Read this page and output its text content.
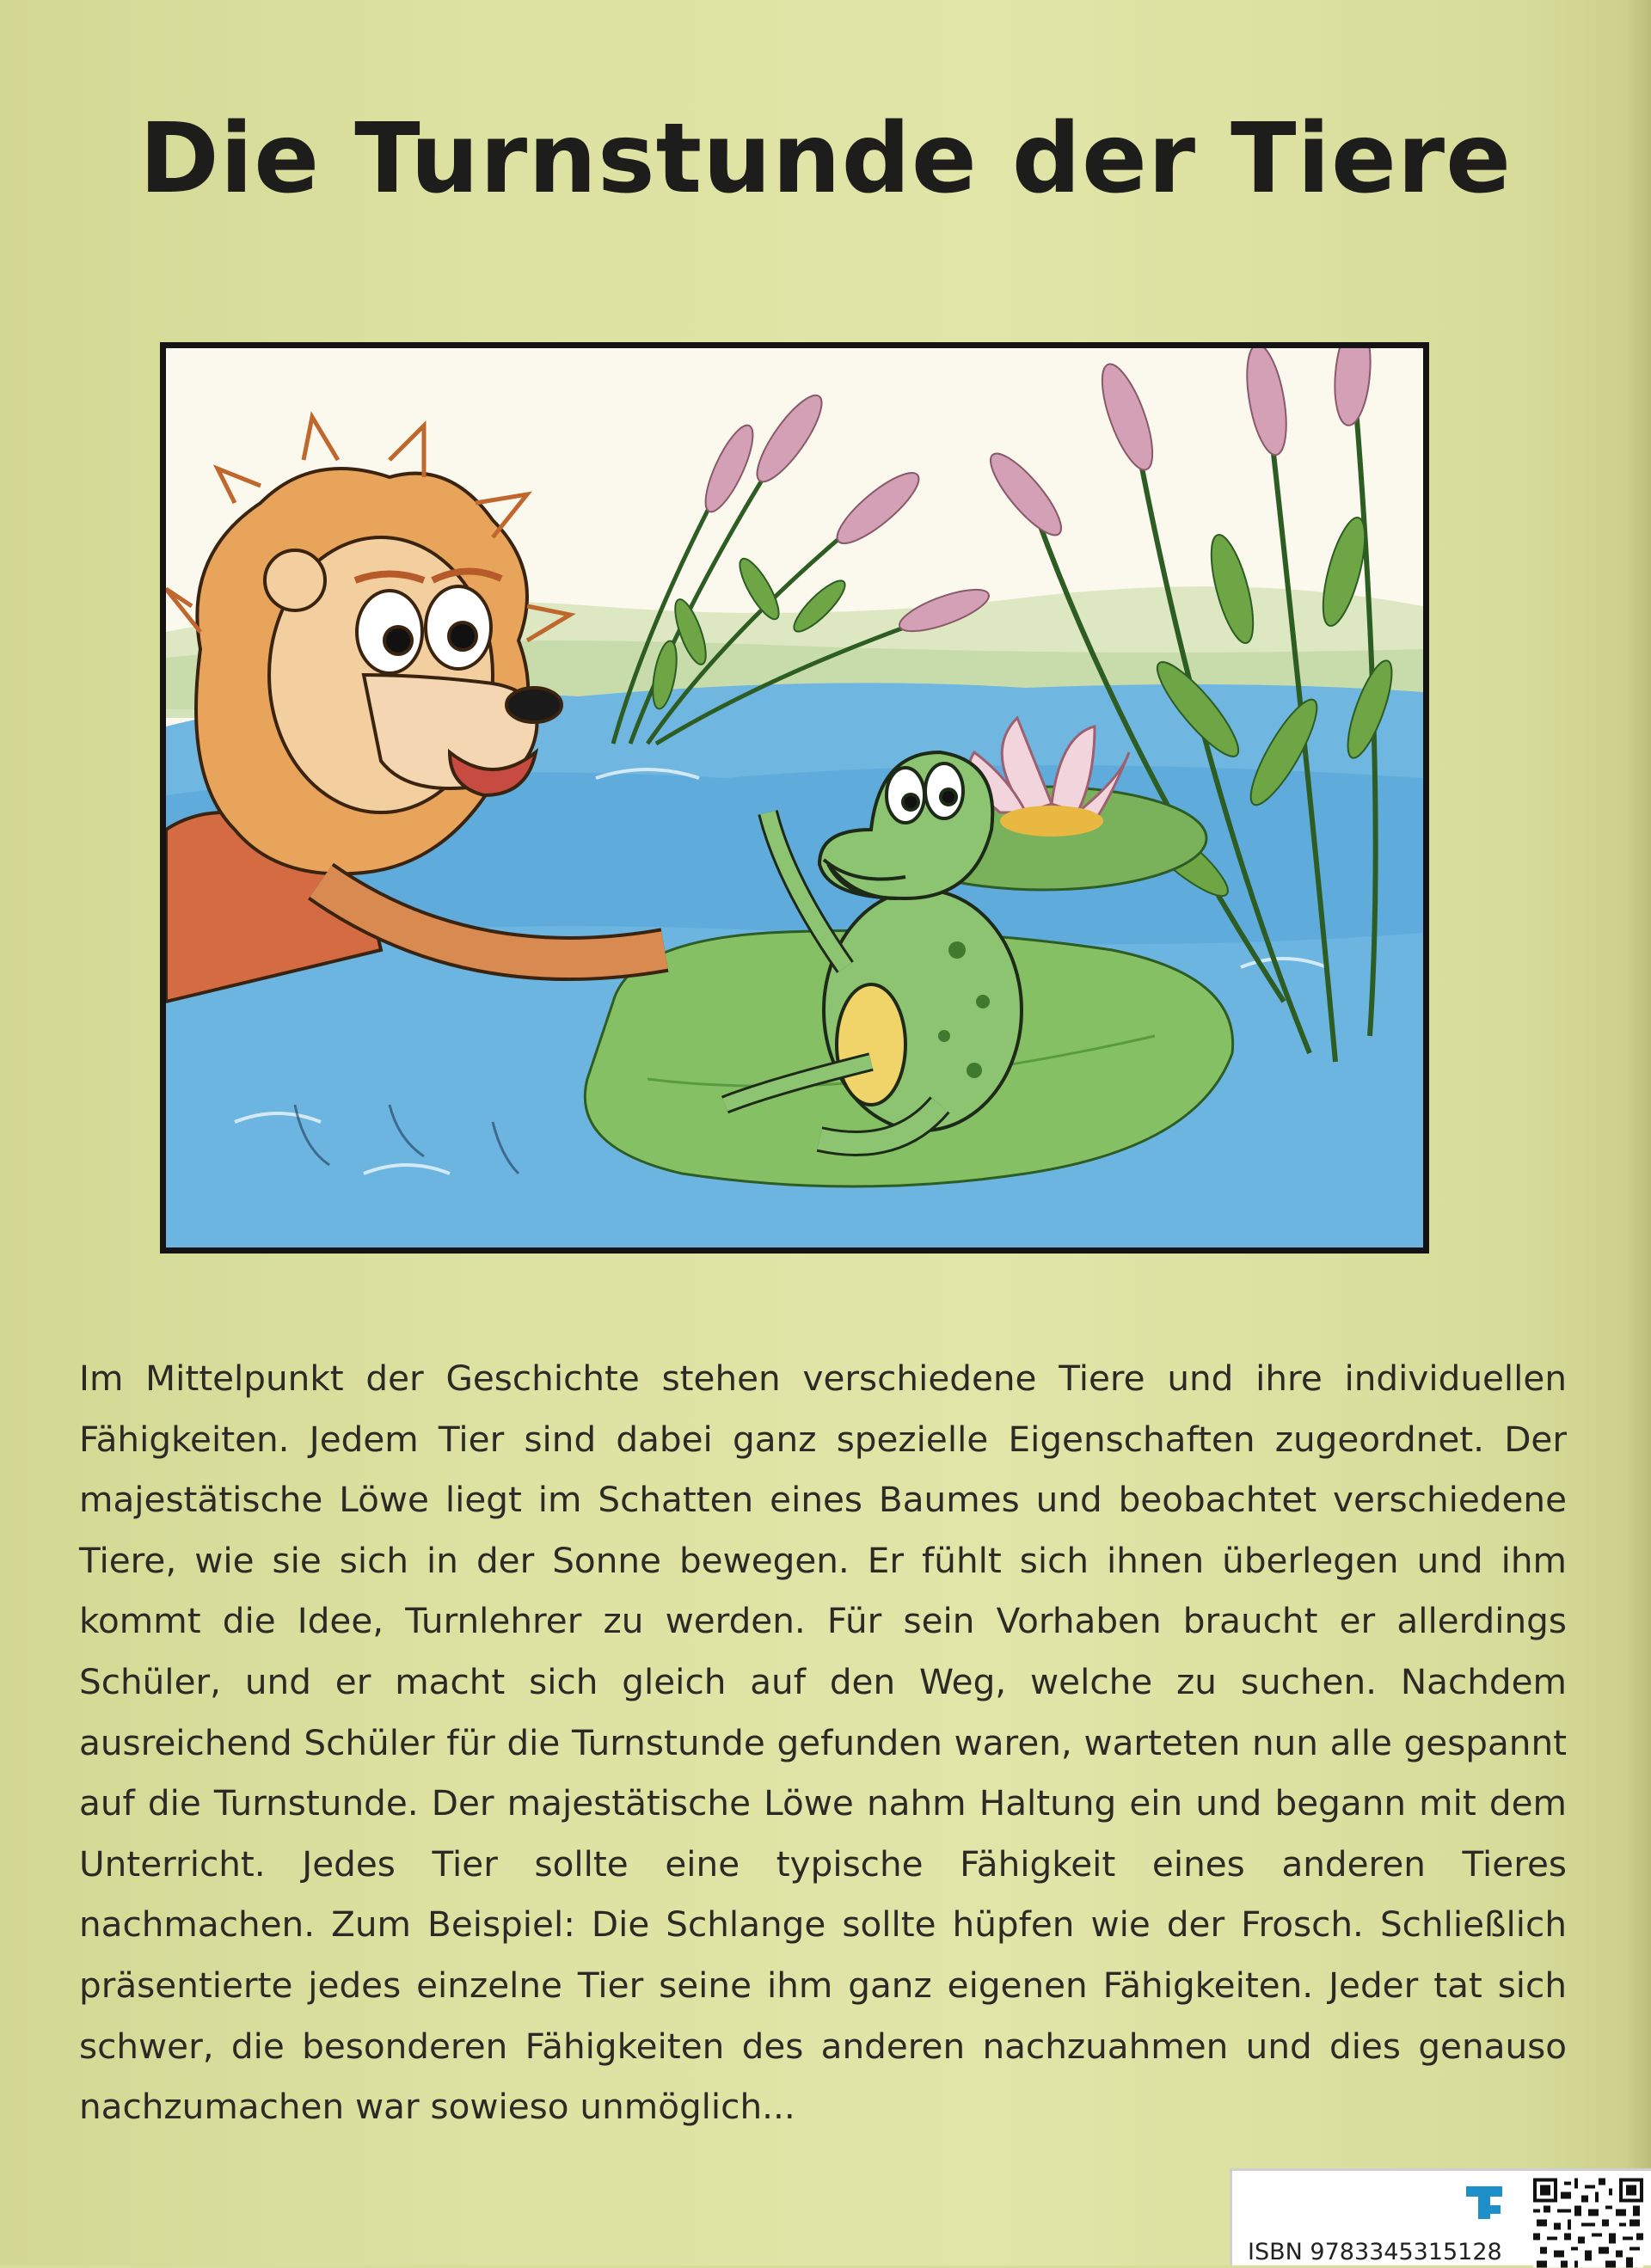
Die Turnstunde der Tiere

Im Mittelpunkt der Geschichte stehen verschiedene Tiere und ihre individuellen Fähigkeiten. Jedem Tier sind dabei ganz spezielle Eigenschaften zugeordnet. Der majestätische Löwe liegt im Schatten eines Baumes und beobachtet verschiedene Tiere, wie sie sich in der Sonne bewegen. Er fühlt sich ihnen überlegen und ihm kommt die Idee, Turnlehrer zu werden. Für sein Vorhaben braucht er allerdings Schüler, und er macht sich gleich auf den Weg, welche zu suchen. Nachdem ausreichend Schüler für die Turnstunde gefunden waren, warteten nun alle gespannt auf die Turnstunde. Der majestätische Löwe nahm Haltung ein und begann mit dem Unterricht. Jedes Tier sollte eine typische Fähigkeit eines anderen Tieres nachmachen. Zum Beispiel: Die Schlange sollte hüpfen wie der Frosch. Schließlich präsentierte jedes einzelne Tier seine ihm ganz eigenen Fähigkeiten. Jeder tat sich schwer, die besonderen Fähigkeiten des anderen nachzuahmen und dies genauso nachzumachen war sowieso unmöglich...

ISBN 9783345315128
